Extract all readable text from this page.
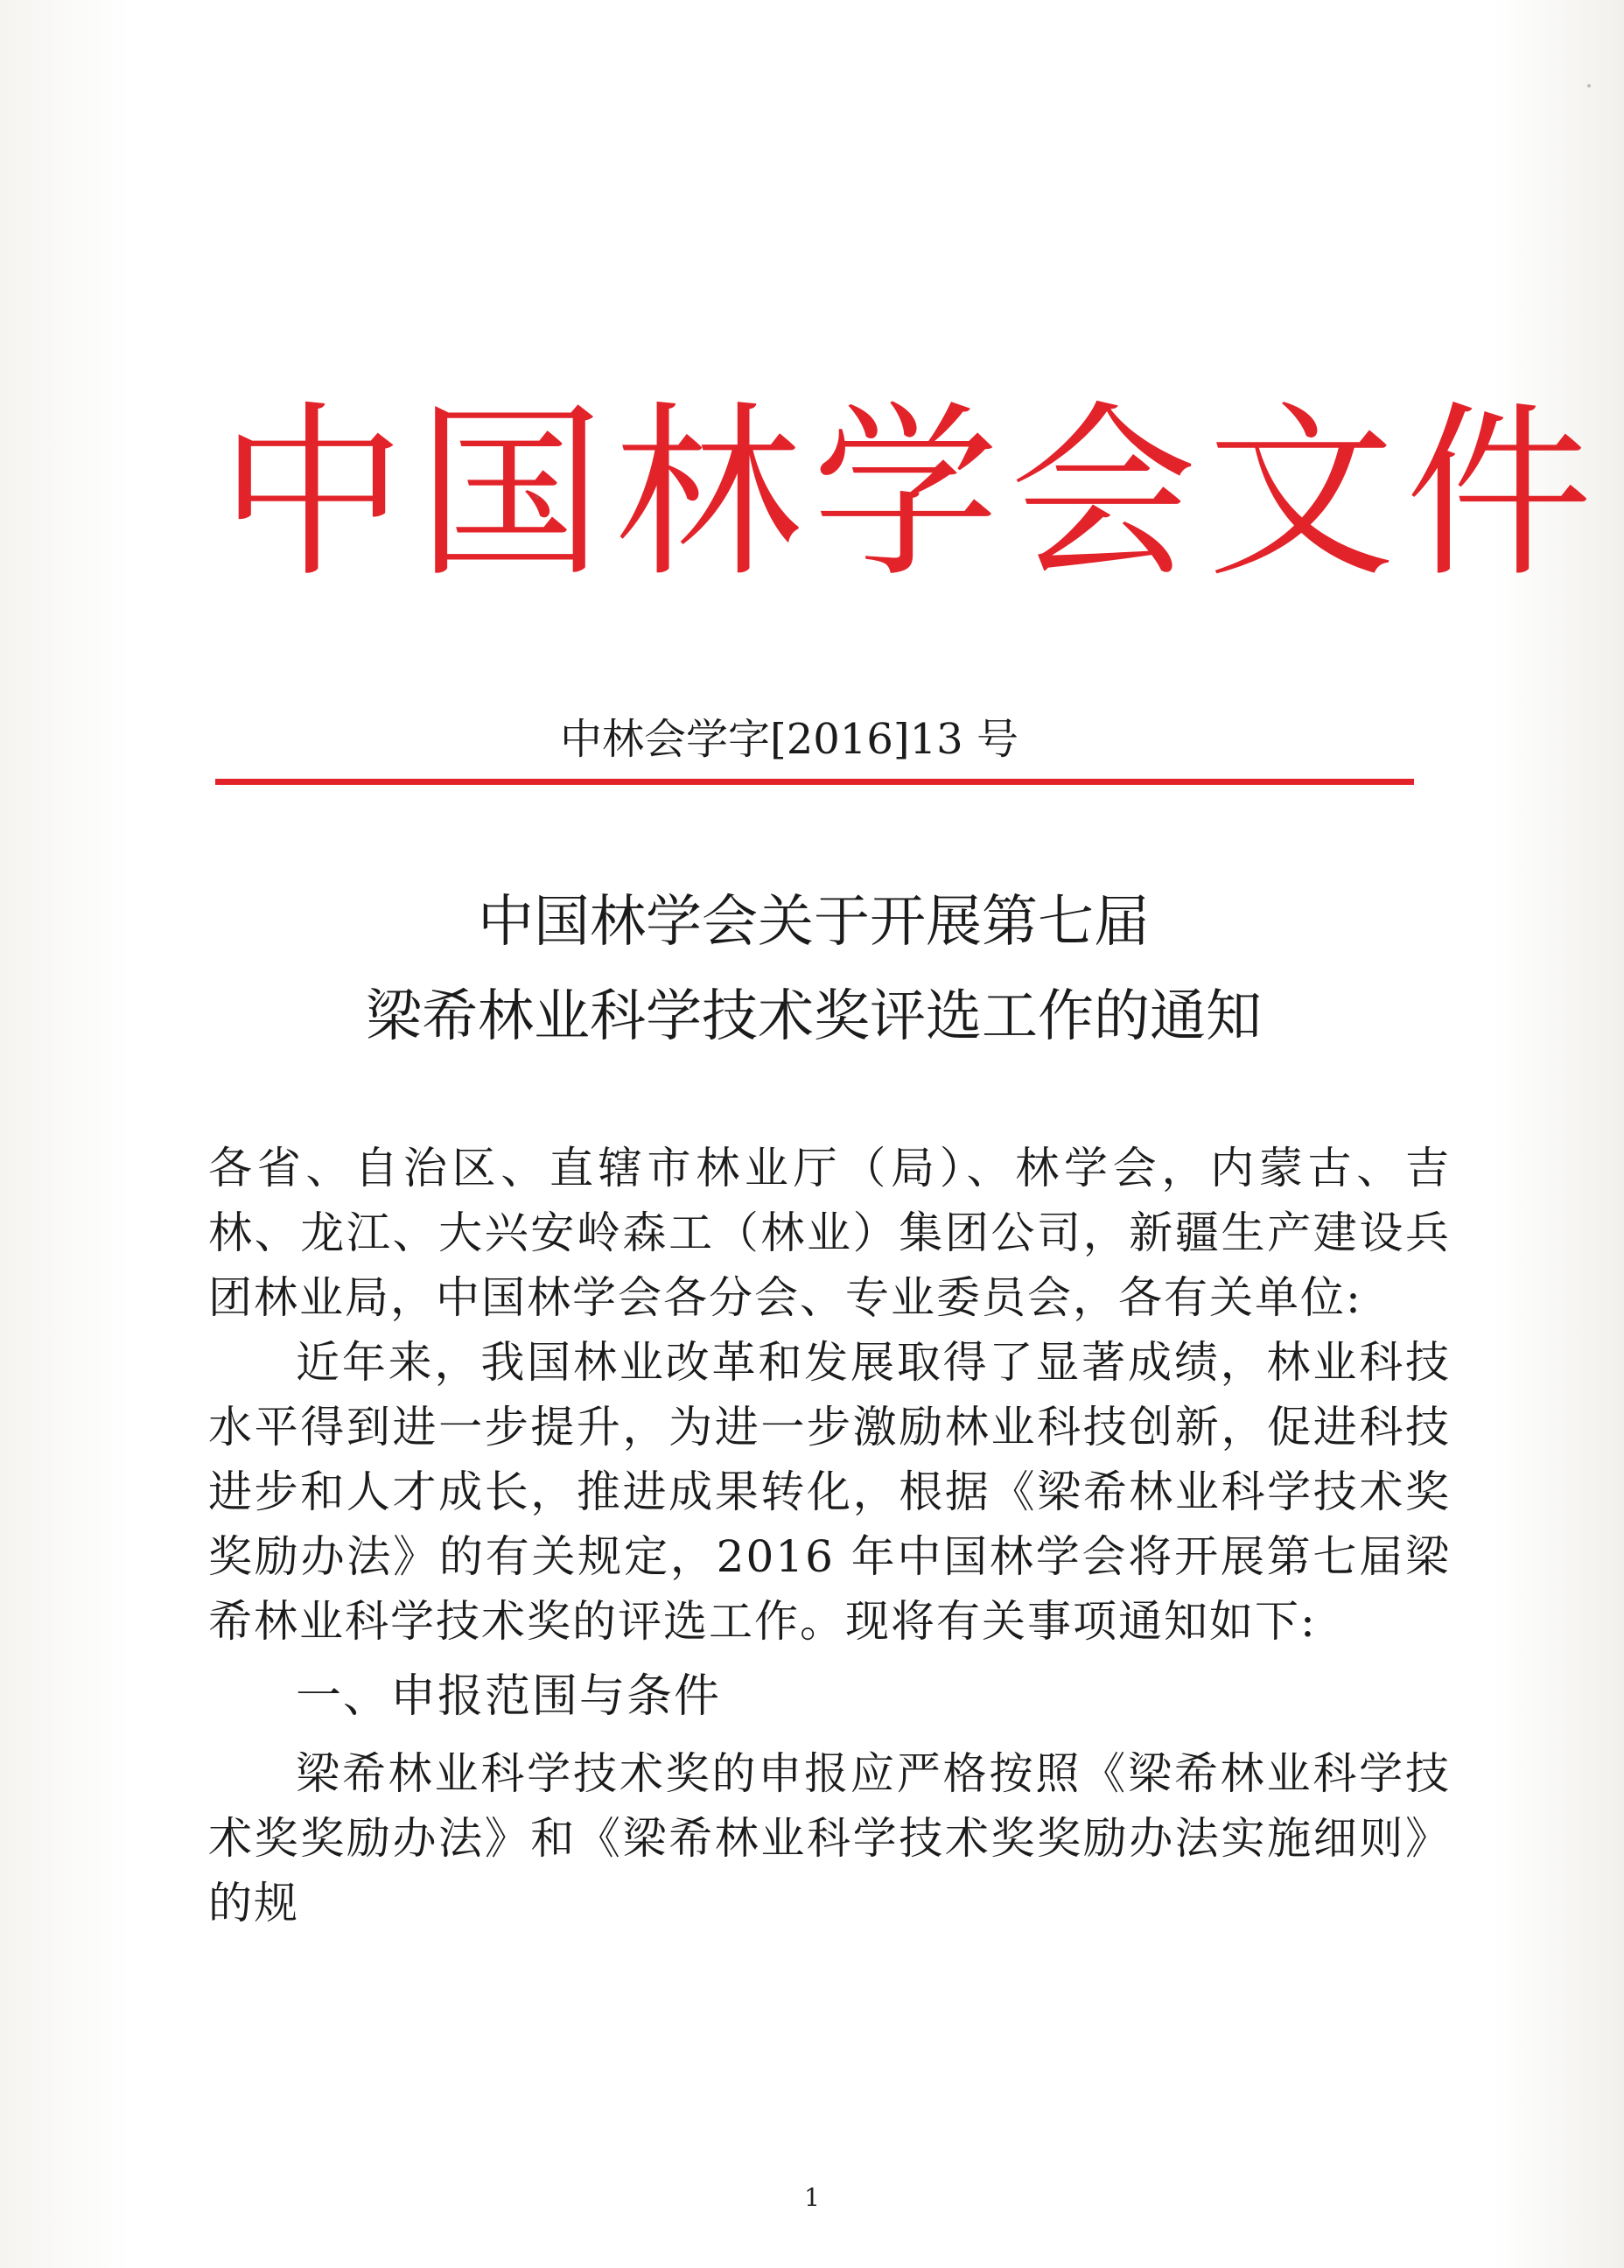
中国林学会文件
中林会学字[2016]13 号
中国林学会关于开展第七届
梁希林业科学技术奖评选工作的通知

各省、自治区、直辖市林业厅（局）、林学会，内蒙古、吉林、龙江、大兴安岭森工（林业）集团公司，新疆生产建设兵团林业局，中国林学会各分会、专业委员会，各有关单位:

近年来，我国林业改革和发展取得了显著成绩，林业科技水平得到进一步提升，为进一步激励林业科技创新，促进科技进步和人才成长，推进成果转化，根据《梁希林业科学技术奖奖励办法》的有关规定，2016 年中国林学会将开展第七届梁希林业科学技术奖的评选工作。现将有关事项通知如下:

一、申报范围与条件

梁希林业科学技术奖的申报应严格按照《梁希林业科学技术奖奖励办法》和《梁希林业科学技术奖奖励办法实施细则》的规

1
